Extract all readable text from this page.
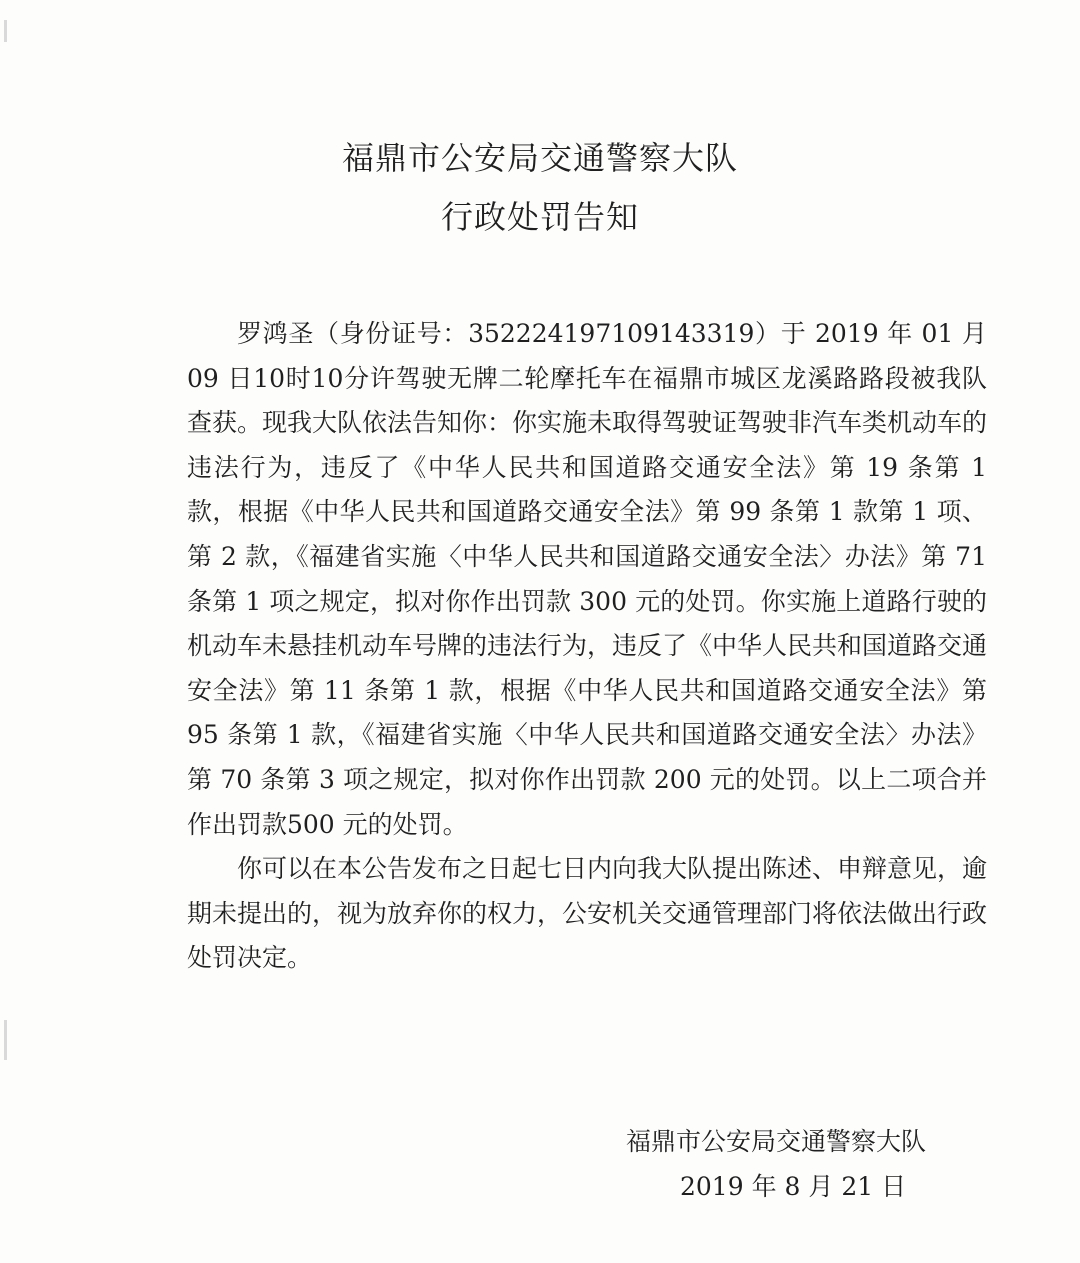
福鼎市公安局交通警察大队
行政处罚告知

罗鸿圣（身份证号：352224197109143319）于 2019 年 01 月 09 日10时10分许驾驶无牌二轮摩托车在福鼎市城区龙溪路路段被我队查获。现我大队依法告知你：你实施未取得驾驶证驾驶非汽车类机动车的违法行为，违反了《中华人民共和国道路交通安全法》第 19 条第 1 款，根据《中华人民共和国道路交通安全法》第 99 条第 1 款第 1 项、第 2 款，《福建省实施〈中华人民共和国道路交通安全法〉办法》第 71 条第 1 项之规定，拟对你作出罚款 300 元的处罚。你实施上道路行驶的机动车未悬挂机动车号牌的违法行为，违反了《中华人民共和国道路交通安全法》第 11 条第 1 款，根据《中华人民共和国道路交通安全法》第 95 条第 1 款，《福建省实施〈中华人民共和国道路交通安全法〉办法》第 70 条第 3 项之规定，拟对你作出罚款 200 元的处罚。以上二项合并作出罚款500 元的处罚。

你可以在本公告发布之日起七日内向我大队提出陈述、申辩意见，逾期未提出的，视为放弃你的权力，公安机关交通管理部门将依法做出行政处罚决定。

福鼎市公安局交通警察大队
2019 年 8 月 21 日
